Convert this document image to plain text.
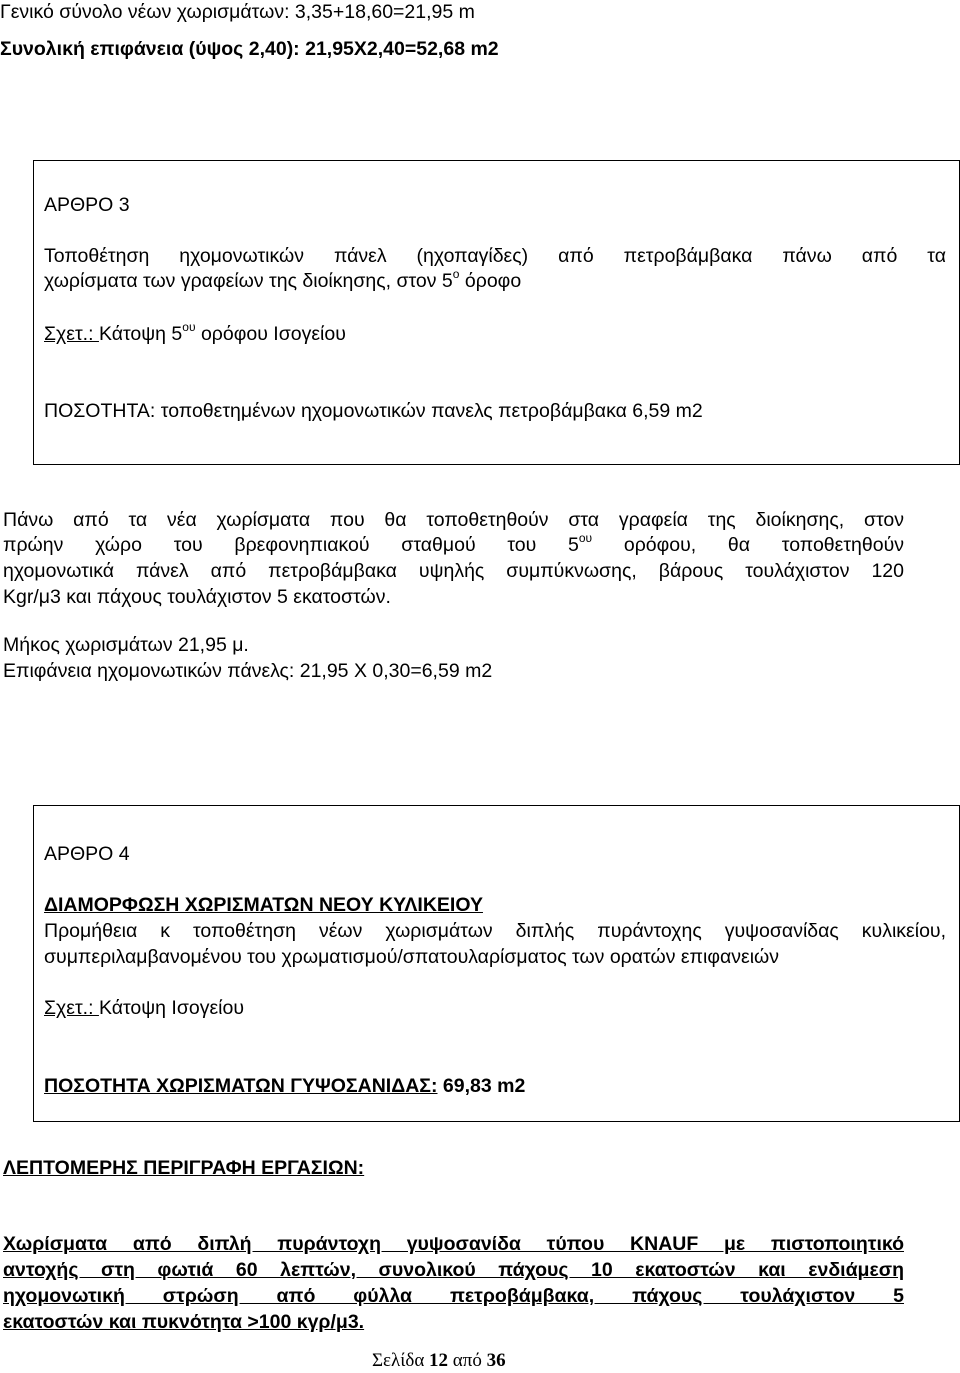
Γενικό σύνολο νέων χωρισμάτων: 3,35+18,60=21,95 m
Συνολική επιφάνεια (ύψος 2,40): 21,95Χ2,40=52,68 m2
ΑΡΘΡΟ 3
Τοποθέτηση ηχομονωτικών πάνελ (ηχοπαγίδες) από πετροβάμβακα πάνω από τα
χωρίσματα των γραφείων της διοίκησης, στον $5^o$ όροφο
Σχετ.: Κάτοψη $5^{o\upsilon}$ ορόφου Ισογείου
ΠΟΣΟΤΗΤΑ: τοποθετημένων ηχομονωτικών πανελς πετροβάμβακα 6,59 m2
Πάνω από τα νέα χωρίσματα που θα τοποθετηθούν στα γραφεία της διοίκησης, στον
πρώην χώρο του βρεφονηπιακού σταθμού του $5^{o\upsilon}$ ορόφου, θα τοποθετηθούν
ηχομονωτικά πάνελ από πετροβάμβακα υψηλής συμπύκνωσης, βάρους τουλάχιστον 120
Kgr/μ3 και πάχους τουλάχιστον 5 εκατοστών.
Μήκος χωρισμάτων 21,95 μ.
Επιφάνεια ηχομονωτικών πάνελς: 21,95 Χ 0,30=6,59 m2
ΑΡΘΡΟ 4
ΔΙΑΜΟΡΦΩΣΗ ΧΩΡΙΣΜΑΤΩΝ ΝΕΟΥ ΚΥΛΙΚΕΙΟΥ
Προμήθεια κ τοποθέτηση νέων χωρισμάτων διπλής πυράντοχης γυψοσανίδας κυλικείου,
συμπεριλαμβανομένου του χρωματισμού/σπατουλαρίσματος των ορατών επιφανειών
Σχετ.: Κάτοψη Ισογείου
ΠΟΣΟΤΗΤΑ ΧΩΡΙΣΜΑΤΩΝ ΓΥΨΟΣΑΝΙΔΑΣ: 69,83 m2
ΛΕΠΤΟΜΕΡΗΣ ΠΕΡΙΓΡΑΦΗ ΕΡΓΑΣΙΩΝ:
Χωρίσματα από διπλή πυράντοχη γυψοσανίδα τύπου KNAUF με πιστοποιητικό
αντοχής στη φωτιά 60 λεπτών, συνολικού πάχους 10 εκατοστών και ενδιάμεση
ηχομονωτική στρώση από φύλλα πετροβάμβακα, πάχους τουλάχιστον 5
εκατοστών και πυκνότητα >100 κγρ/μ3.
Σελίδα 12 από 36
